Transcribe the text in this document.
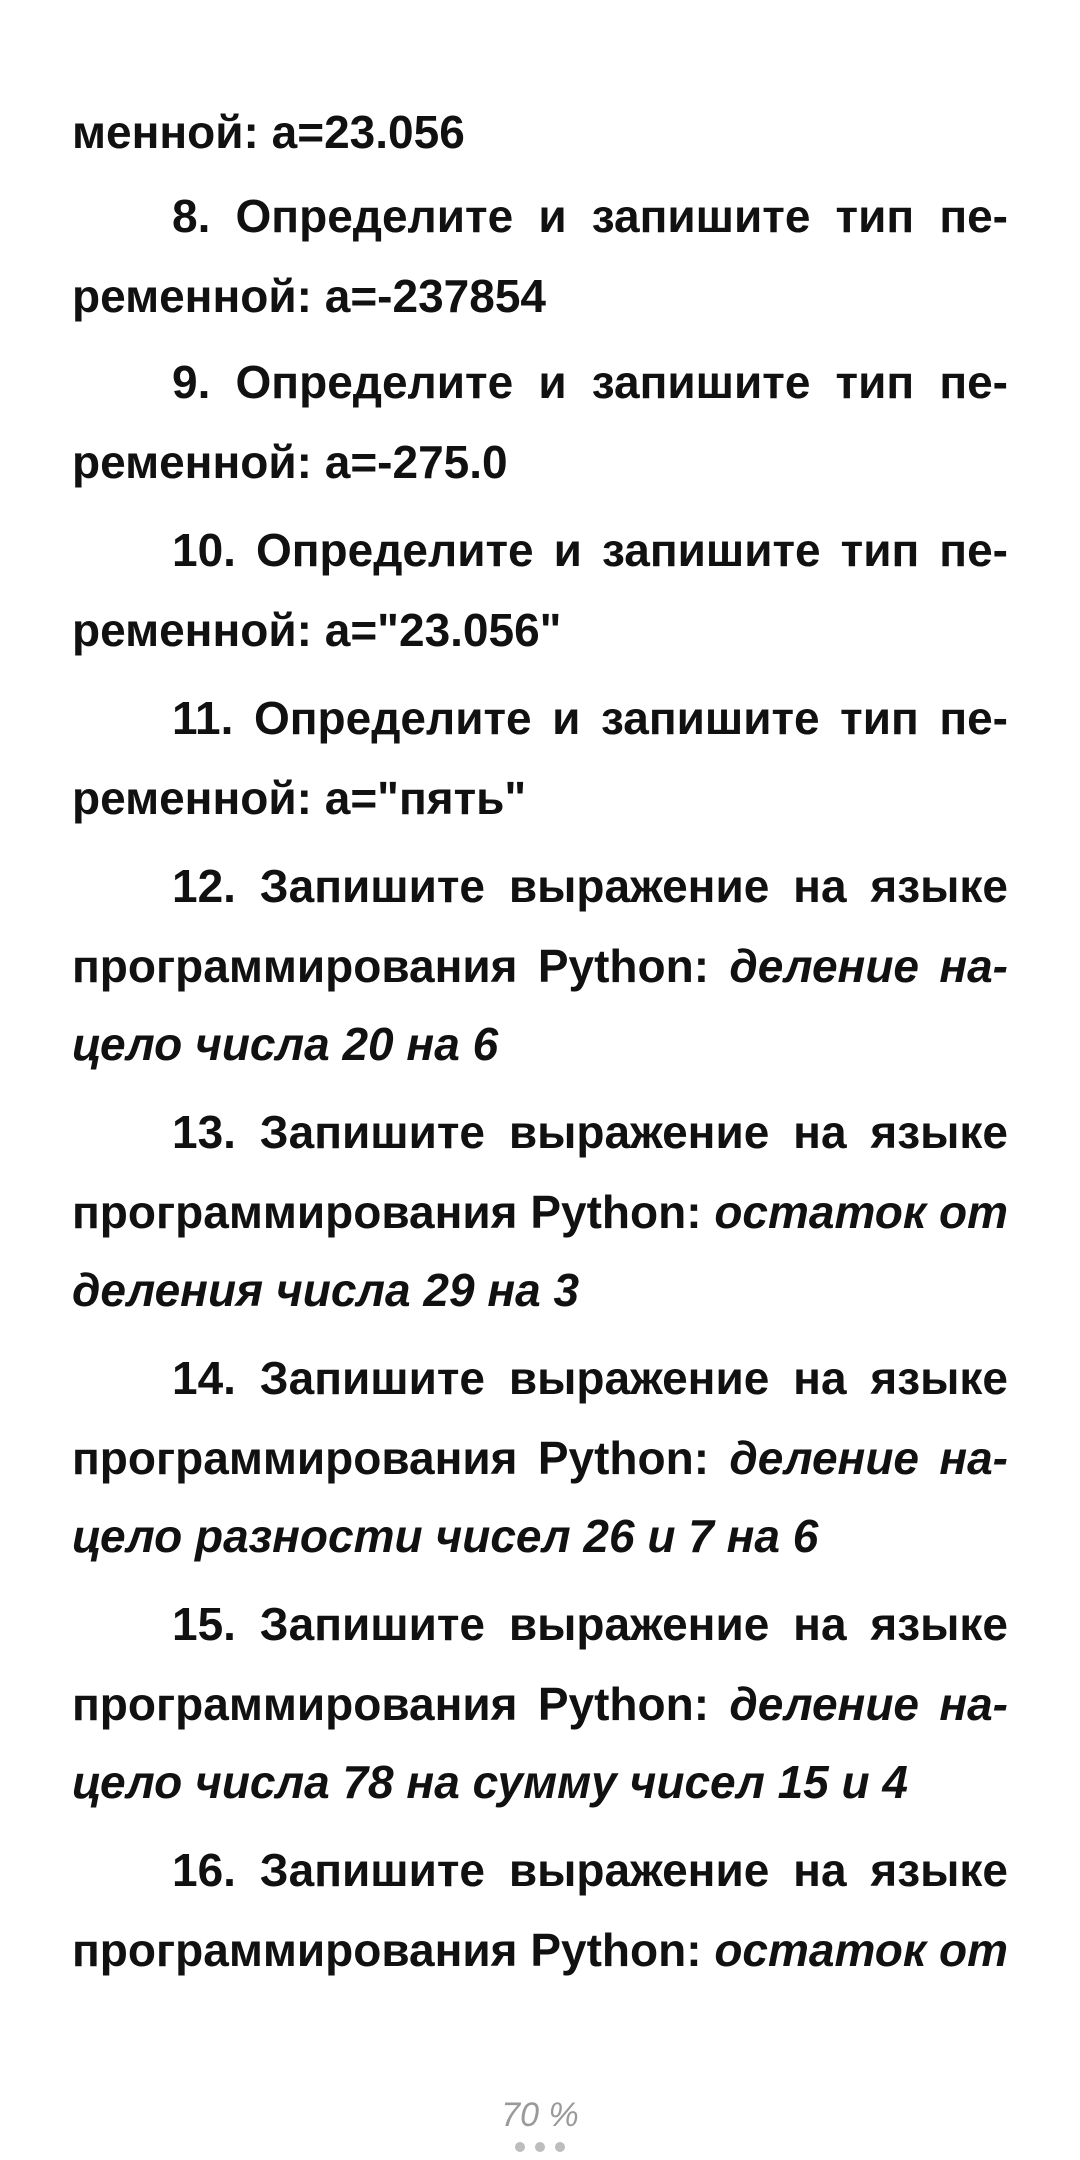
менной: а=23.056
8. Определите и запишите тип пе-
ременной: а=-237854
9. Определите и запишите тип пе-
ременной: а=-275.0
10. Определите и запишите тип пе-
ременной: а="23.056"
11. Определите и запишите тип пе-
ременной: а="пять"
12. Запишите выражение на языке
программирования Python: деление на-
цело числа 20 на 6
13. Запишите выражение на языке
программирования Python: остаток от
деления числа 29 на 3
14. Запишите выражение на языке
программирования Python: деление на-
цело разности чисел 26 и 7 на 6
15. Запишите выражение на языке
программирования Python: деление на-
цело числа 78 на сумму чисел 15 и 4
16. Запишите выражение на языке
программирования Python: остаток от
70 %
